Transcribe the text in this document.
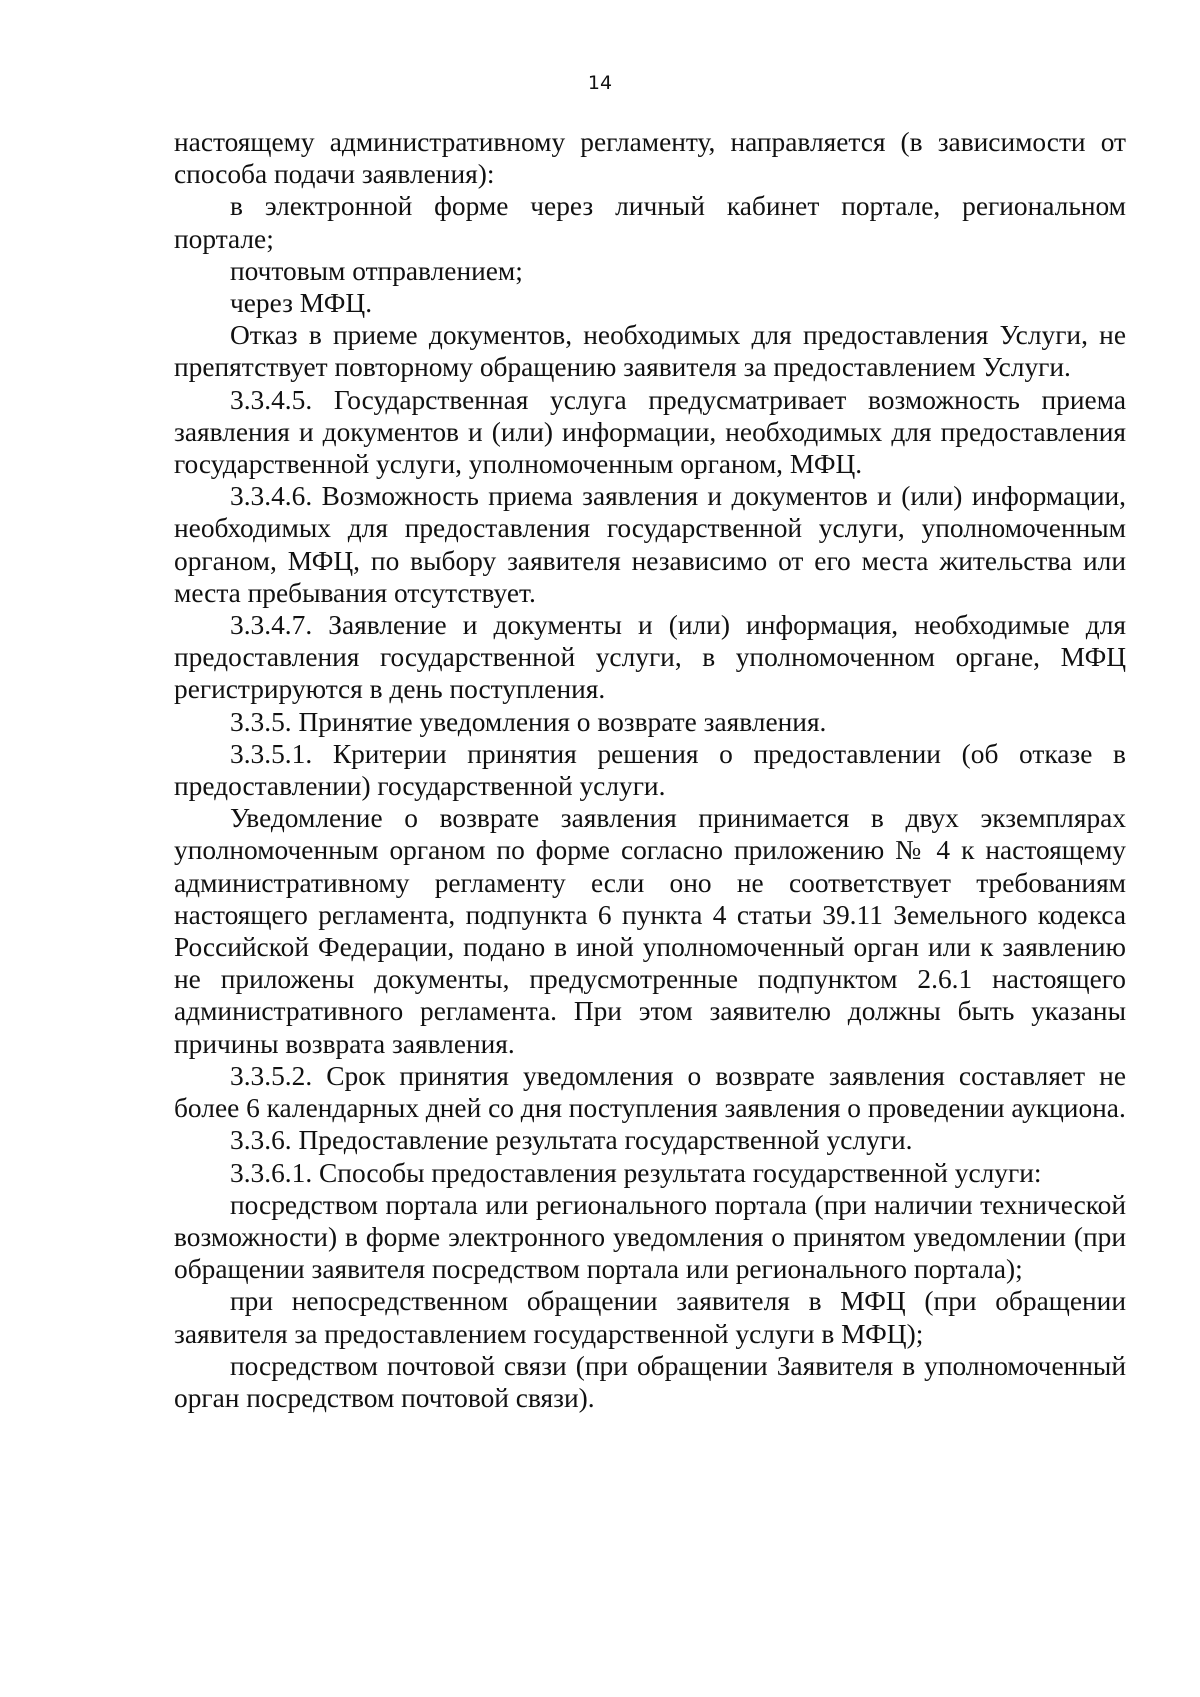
14

настоящему административному регламенту, направляется (в зависимости от способа подачи заявления):

в электронной форме через личный кабинет портале, региональном портале;

почтовым отправлением;

через МФЦ.

Отказ в приеме документов, необходимых для предоставления Услуги, не препятствует повторному обращению заявителя за предоставлением Услуги.

3.3.4.5. Государственная услуга предусматривает возможность приема заявления и документов и (или) информации, необходимых для предоставления государственной услуги, уполномоченным органом, МФЦ.

3.3.4.6. Возможность приема заявления и документов и (или) информации, необходимых для предоставления государственной услуги, уполномоченным органом, МФЦ, по выбору заявителя независимо от его места жительства или места пребывания отсутствует.

3.3.4.7. Заявление и документы и (или) информация, необходимые для предоставления государственной услуги, в уполномоченном органе, МФЦ регистрируются в день поступления.

3.3.5. Принятие уведомления о возврате заявления.

3.3.5.1. Критерии принятия решения о предоставлении (об отказе в предоставлении) государственной услуги.

Уведомление о возврате заявления принимается в двух экземплярах уполномоченным органом по форме согласно приложению № 4 к настоящему административному регламенту если оно не соответствует требованиям настоящего регламента, подпункта 6 пункта 4 статьи 39.11 Земельного кодекса Российской Федерации, подано в иной уполномоченный орган или к заявлению не приложены документы, предусмотренные подпунктом 2.6.1 настоящего административного регламента. При этом заявителю должны быть указаны причины возврата заявления.

3.3.5.2. Срок принятия уведомления о возврате заявления составляет не более 6 календарных дней со дня поступления заявления о проведении аукциона.

3.3.6. Предоставление результата государственной услуги.

3.3.6.1. Способы предоставления результата государственной услуги:

посредством портала или регионального портала (при наличии технической возможности) в форме электронного уведомления о принятом уведомлении (при обращении заявителя посредством портала или регионального портала);

при непосредственном обращении заявителя в МФЦ (при обращении заявителя за предоставлением государственной услуги в МФЦ);

посредством почтовой связи (при обращении Заявителя в уполномоченный орган посредством почтовой связи).
